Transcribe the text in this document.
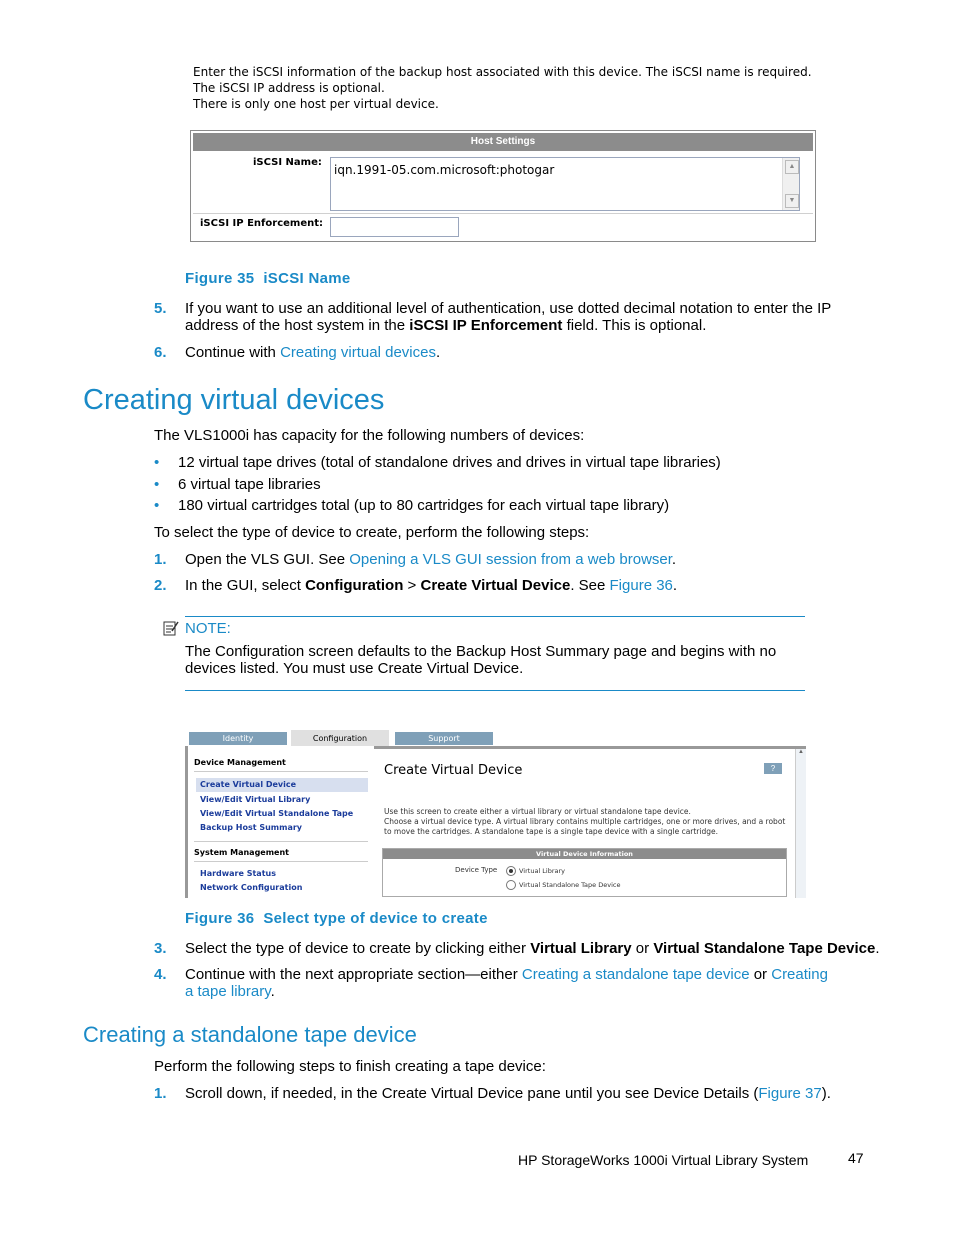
Enter the iSCSI information of the backup host associated with this device. The iSCSI name is required.
The iSCSI IP address is optional.
There is only one host per virtual device.
Host Settings
iSCSI Name:
iqn.1991-05.com.microsoft:photogar	▲
▼
iSCSI IP Enforcement:
Figure 35 iSCSI Name
5. If you want to use an additional level of authentication, use dotted decimal notation to enter the IP
address of the host system in the iSCSI IP Enforcement field. This is optional.
6. Continue with Creating virtual devices.
Creating virtual devices
The VLS1000i has capacity for the following numbers of devices:
• 12 virtual tape drives (total of standalone drives and drives in virtual tape libraries)
• 6 virtual tape libraries
• 180 virtual cartridges total (up to 80 cartridges for each virtual tape library)
To select the type of device to create, perform the following steps:
1. Open the VLS GUI. See Opening a VLS GUI session from a web browser.
2. In the GUI, select Configuration > Create Virtual Device. See Figure 36.
NOTE:
The Configuration screen defaults to the Backup Host Summary page and begins with no
devices listed. You must use Create Virtual Device.
Identity	Configuration	Support
Device Management
Create Virtual Device
View/Edit Virtual Library
View/Edit Virtual Standalone Tape
Backup Host Summary
System Management
Hardware Status
Network Configuration
Create Virtual Device	?
▲
Use this screen to create either a virtual library or virtual standalone tape device.
Choose a virtual device type. A virtual library contains multiple cartridges, one or more drives, and a robot
to move the cartridges. A standalone tape is a single tape device with a single cartridge.
Virtual Device Information
Device Type	Virtual Library
Virtual Standalone Tape Device
Figure 36 Select type of device to create
3. Select the type of device to create by clicking either Virtual Library or Virtual Standalone Tape Device.
4. Continue with the next appropriate section—either Creating a standalone tape device or Creating
a tape library.
Creating a standalone tape device
Perform the following steps to finish creating a tape device:
1. Scroll down, if needed, in the Create Virtual Device pane until you see Device Details (Figure 37).
HP StorageWorks 1000i Virtual Library System	47
